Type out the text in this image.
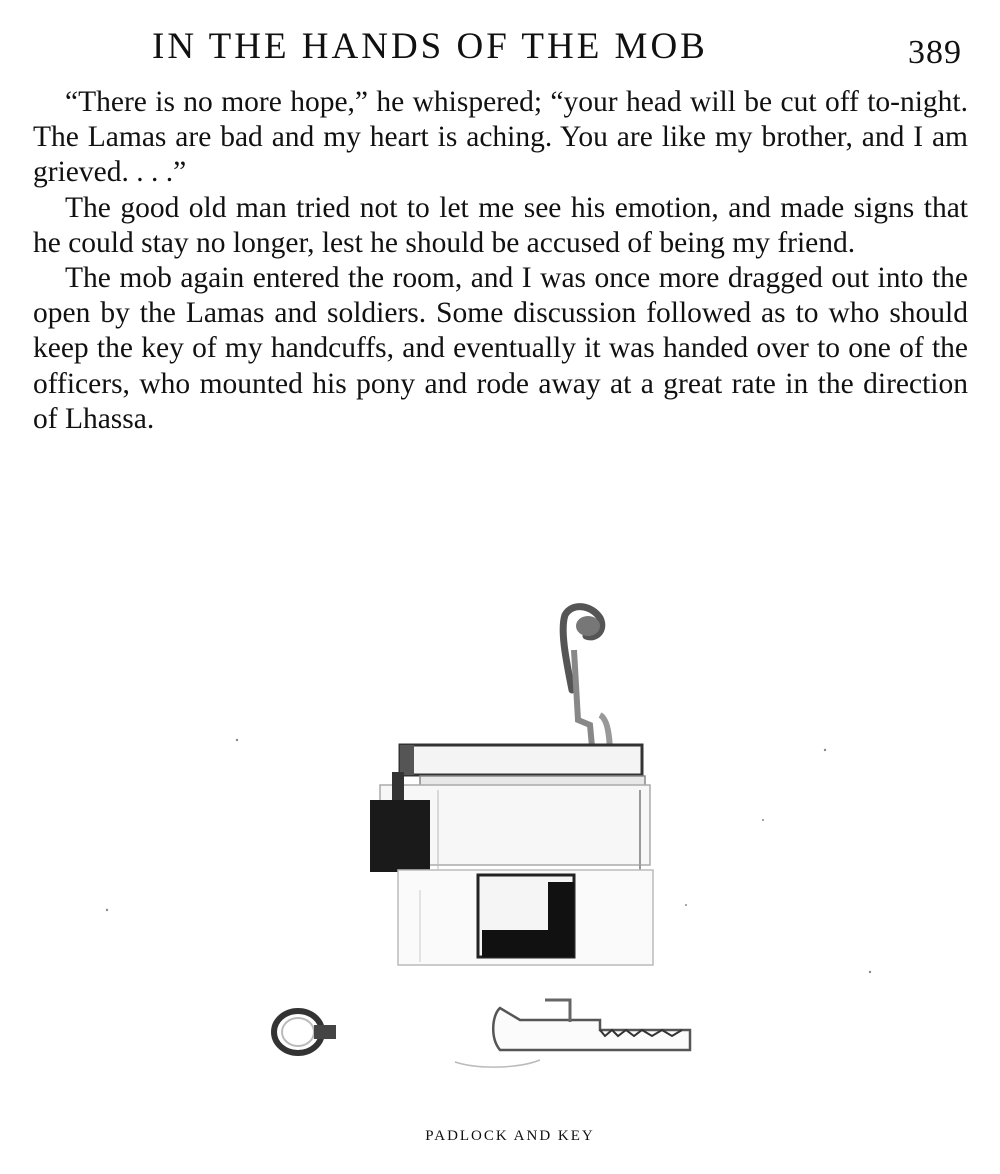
IN THE HANDS OF THE MOB	389

“There is no more hope,” he whispered; “your head will be cut off to-night. The Lamas are bad and my heart is aching. You are like my brother, and I am grieved. . . .”

The good old man tried not to let me see his emotion, and made signs that he could stay no longer, lest he should be accused of being my friend.

The mob again entered the room, and I was once more dragged out into the open by the Lamas and soldiers. Some discussion followed as to who should keep the key of my handcuffs, and eventually it was handed over to one of the officers, who mounted his pony and rode away at a great rate in the direction of Lhassa.

PADLOCK AND KEY
